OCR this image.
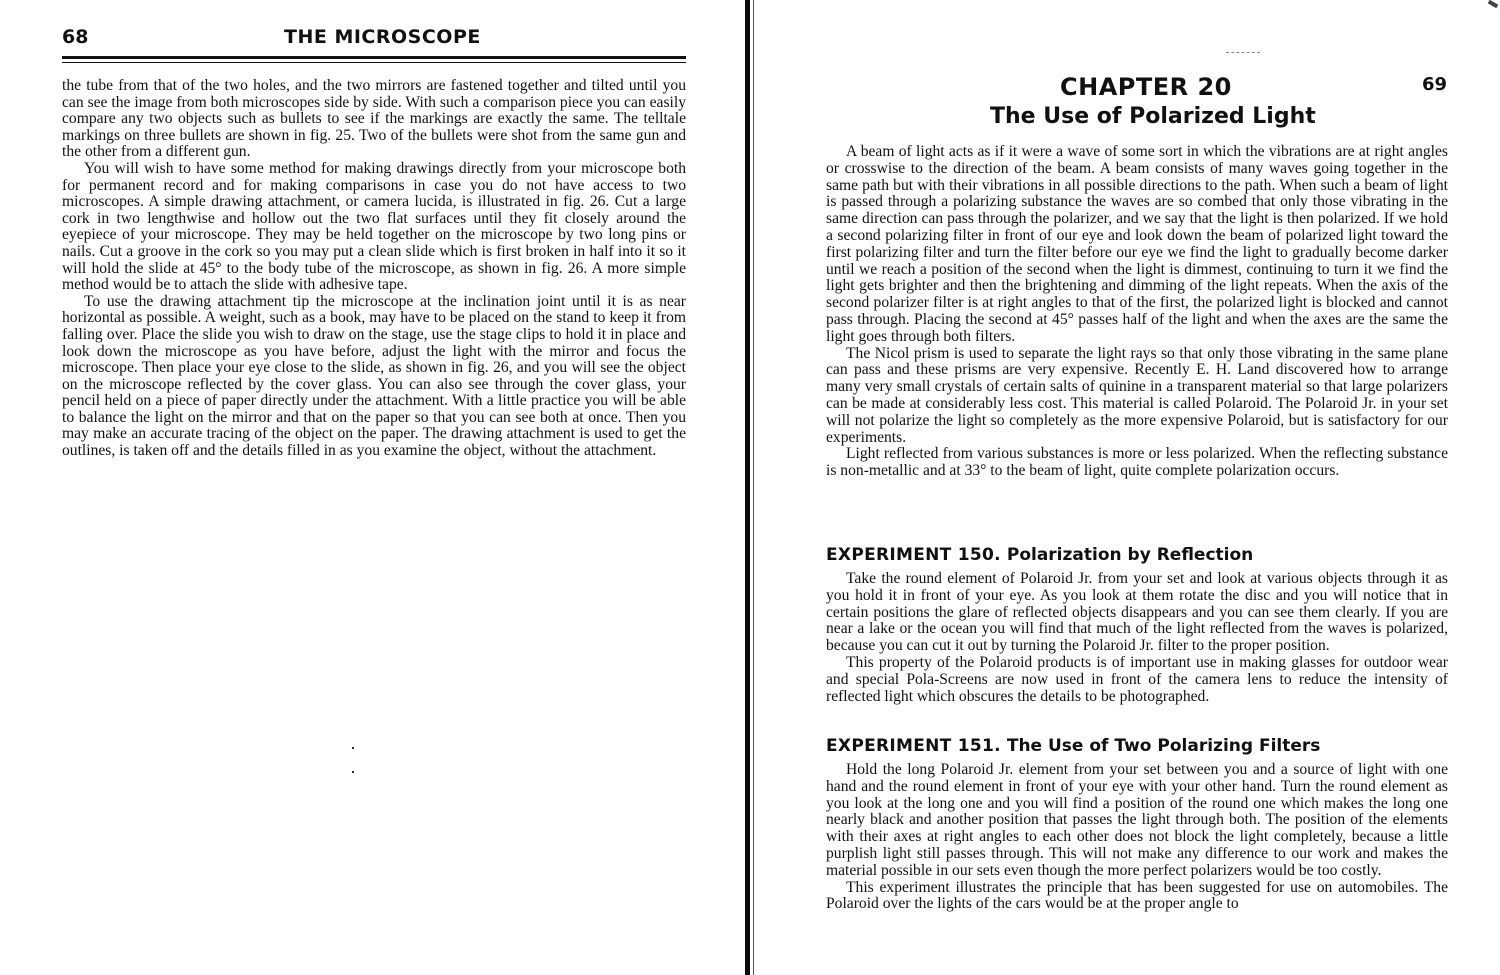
68	THE MICROSCOPE

the tube from that of the two holes, and the two mirrors are fastened together and tilted until you can see the image from both microscopes side by side. With such a comparison piece you can easily compare any two objects such as bullets to see if the markings are exactly the same. The telltale markings on three bullets are shown in fig. 25. Two of the bullets were shot from the same gun and the other from a different gun.

You will wish to have some method for making drawings directly from your microscope both for permanent record and for making comparisons in case you do not have access to two microscopes. A simple drawing attachment, or camera lucida, is illustrated in fig. 26. Cut a large cork in two lengthwise and hollow out the two flat surfaces until they fit closely around the eyepiece of your microscope. They may be held together on the microscope by two long pins or nails. Cut a groove in the cork so you may put a clean slide which is first broken in half into it so it will hold the slide at 45° to the body tube of the microscope, as shown in fig. 26. A more simple method would be to attach the slide with adhesive tape.

To use the drawing attachment tip the microscope at the inclination joint until it is as near horizontal as possible. A weight, such as a book, may have to be placed on the stand to keep it from falling over. Place the slide you wish to draw on the stage, use the stage clips to hold it in place and look down the microscope as you have before, adjust the light with the mirror and focus the microscope. Then place your eye close to the slide, as shown in fig. 26, and you will see the object on the microscope reflected by the cover glass. You can also see through the cover glass, your pencil held on a piece of paper directly under the attachment. With a little practice you will be able to balance the light on the mirror and that on the paper so that you can see both at once. Then you may make an accurate tracing of the object on the paper. The drawing attachment is used to get the outlines, is taken off and the details filled in as you examine the object, without the attachment.

CHAPTER 20	69
The Use of Polarized Light

A beam of light acts as if it were a wave of some sort in which the vibrations are at right angles or crosswise to the direction of the beam. A beam consists of many waves going together in the same path but with their vibrations in all possible directions to the path. When such a beam of light is passed through a polarizing substance the waves are so combed that only those vibrating in the same direction can pass through the polarizer, and we say that the light is then polarized. If we hold a second polarizing filter in front of our eye and look down the beam of polarized light toward the first polarizing filter and turn the filter before our eye we find the light to gradually become darker until we reach a position of the second when the light is dimmest, continuing to turn it we find the light gets brighter and then the brightening and dimming of the light repeats. When the axis of the second polarizer filter is at right angles to that of the first, the polarized light is blocked and cannot pass through. Placing the second at 45° passes half of the light and when the axes are the same the light goes through both filters.

The Nicol prism is used to separate the light rays so that only those vibrating in the same plane can pass and these prisms are very expensive. Recently E. H. Land discovered how to arrange many very small crystals of certain salts of quinine in a transparent material so that large polarizers can be made at considerably less cost. This material is called Polaroid. The Polaroid Jr. in your set will not polarize the light so completely as the more expensive Polaroid, but is satisfactory for our experiments.

Light reflected from various substances is more or less polarized. When the reflecting substance is non-metallic and at 33° to the beam of light, quite complete polarization occurs.

EXPERIMENT 150. Polarization by Reflection

Take the round element of Polaroid Jr. from your set and look at various objects through it as you hold it in front of your eye. As you look at them rotate the disc and you will notice that in certain positions the glare of reflected objects disappears and you can see them clearly. If you are near a lake or the ocean you will find that much of the light reflected from the waves is polarized, because you can cut it out by turning the Polaroid Jr. filter to the proper position.

This property of the Polaroid products is of important use in making glasses for outdoor wear and special Pola-Screens are now used in front of the camera lens to reduce the intensity of reflected light which obscures the details to be photographed.

EXPERIMENT 151. The Use of Two Polarizing Filters

Hold the long Polaroid Jr. element from your set between you and a source of light with one hand and the round element in front of your eye with your other hand. Turn the round element as you look at the long one and you will find a position of the round one which makes the long one nearly black and another position that passes the light through both. The position of the elements with their axes at right angles to each other does not block the light completely, because a little purplish light still passes through. This will not make any difference to our work and makes the material possible in our sets even though the more perfect polarizers would be too costly.

This experiment illustrates the principle that has been suggested for use on automobiles. The Polaroid over the lights of the cars would be at the proper angle to
